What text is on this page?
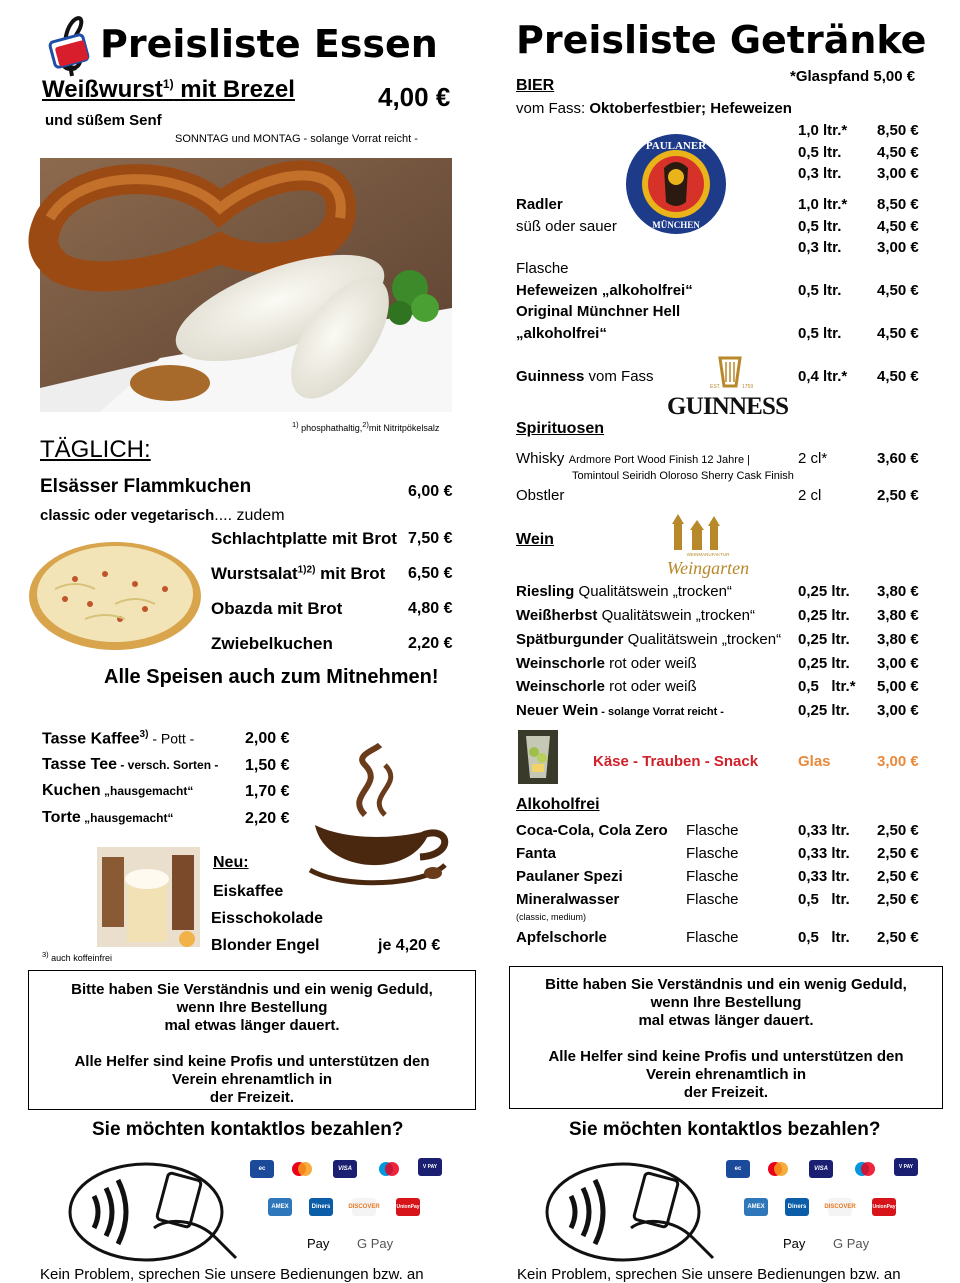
Preisliste Essen
Weißwurst$^{1)}$ mit Brezel	4,00 €
und süßem Senf
SONNTAG und MONTAG - solange Vorrat reicht -
$^{1)}$ phosphathaltig,$^{2)}$mit Nitritpökelsalz
TÄGLICH:
Elsässer Flammkuchen	6,00 €
classic oder vegetarisch.... zudem
Schlachtplatte mit Brot 7,50 €
Wurstsalat$^{1)2)}$ mit Brot 6,50 €
Obazda mit Brot	4,80 €
Zwiebelkuchen	2,20 €
Alle Speisen auch zum Mitnehmen!
Tasse Kaffee$^{3)}$ - Pott -	2,00 €
Tasse Tee - versch. Sorten - 1,50 €
Kuchen „hausgemacht“	1,70 €
Torte „hausgemacht“	2,20 €
Neu:
Eiskaffee
Eisschokolade
Blonder Engel	je 4,20 €
$^{3)}$ auch koffeinfrei
Preisliste Getränke
*Glaspfand 5,00 €
BIER
vom Fass: Oktoberfestbier; Hefeweizen
PAULANER
MÜNCHEN
1,0 ltr.* 8,50 €
0,5 ltr. 4,50 €
0,3 ltr. 3,00 €
Radler
süß oder sauer
1,0 ltr.* 8,50 €
0,5 ltr. 4,50 €
0,3 ltr. 3,00 €
Flasche
Hefeweizen „alkoholfrei“	0,5 ltr. 4,50 €
Original Münchner Hell
„alkoholfrei“	0,5 ltr. 4,50 €
Guinness vom Fass	0,4 ltr.* 4,50 €
EST	1759
GUINNESS
Spirituosen
Whisky Ardmore Port Wood Finish 12 Jahre |
Tomintoul Seiridh Oloroso Sherry Cask Finish
2 cl*	3,60 €
Obstler	2 cl	2,50 €
Wein
WEINMANUFAKTUR
Weingarten
Riesling Qualitätswein „trocken“	0,25 ltr. 3,80 €
Weißherbst Qualitätswein „trocken“	0,25 ltr. 3,80 €
Spätburgunder Qualitätswein „trocken“ 0,25 ltr. 3,80 €
Weinschorle rot oder weiß	0,25 ltr. 3,00 €
Weinschorle rot oder weiß	0,5   ltr.* 5,00 €
Neuer Wein - solange Vorrat reicht -	0,25 ltr. 3,00 €
Käse - Trauben - Snack	Glas	3,00 €
Alkoholfrei
Coca-Cola, Cola Zero Flasche	0,33 ltr. 2,50 €
Fanta	Flasche	0,33 ltr. 2,50 €
Paulaner Spezi	Flasche	0,33 ltr. 2,50 €
Mineralwasser	Flasche	0,5   ltr. 2,50 €
(classic, medium)
Apfelschorle	Flasche	0,5   ltr. 2,50 €

Bitte haben Sie Verständnis und ein wenig Geduld,

wenn Ihre Bestellung

mal etwas länger dauert.

Alle Helfer sind keine Profis und unterstützen den

Verein ehrenamtlich in

der Freizeit.

Bitte haben Sie Verständnis und ein wenig Geduld,

wenn Ihre Bestellung

mal etwas länger dauert.

Alle Helfer sind keine Profis und unterstützen den

Verein ehrenamtlich in

der Freizeit.

Sie möchten kontaktlos bezahlen?	Sie möchten kontaktlos bezahlen?
ec	VISA	V PAY
AMEX	Diners	DISCOVER	UnionPay
Pay G Pay
ec	VISA	V PAY
AMEX	Diners	DISCOVER	UnionPay
Pay G Pay
Kein Problem, sprechen Sie unsere Bedienungen bzw. an	Kein Problem, sprechen Sie unsere Bedienungen bzw. an
